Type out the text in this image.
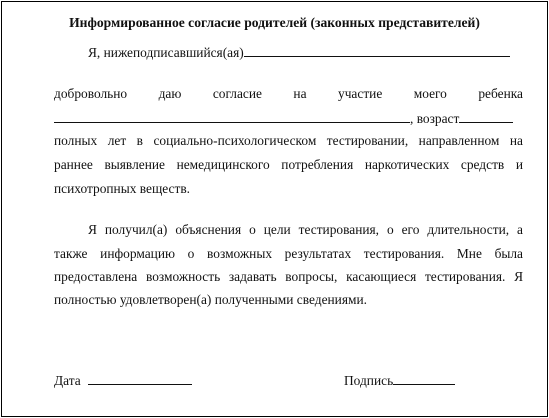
Информированное согласие родителей (законных представителей)
Я, нижеподписавшийся(ая)
добровольно даю согласие на участие моего ребенка
, возраст
полных лет в социально-психологическом тестировании, направленном на
раннее выявление немедицинского потребления наркотических средств и
психотропных веществ.
Я получил(а) объяснения о цели тестирования, о его длительности, а
также информацию о возможных результатах тестирования. Мне была
предоставлена возможность задавать вопросы, касающиеся тестирования. Я
полностью удовлетворен(а) полученными сведениями.
Дата	Подпись
